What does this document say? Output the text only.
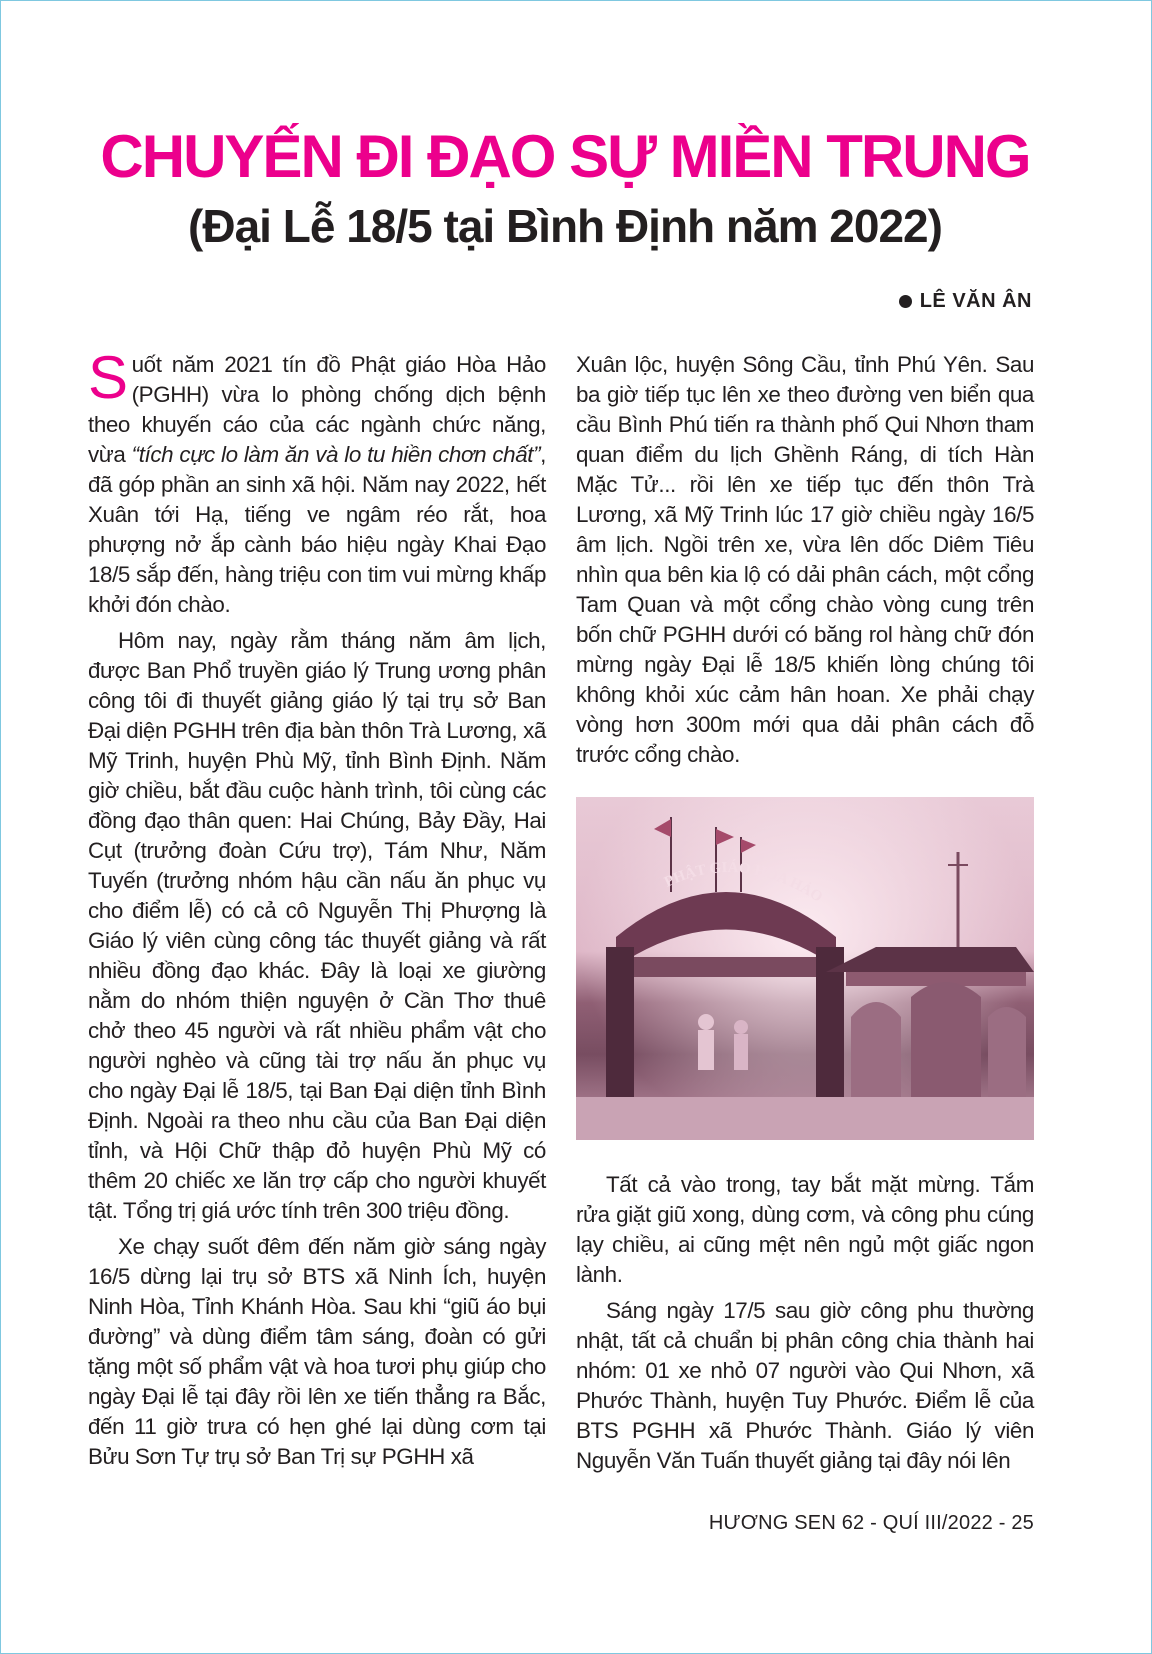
CHUYẾN ĐI ĐẠO SỰ MIỀN TRUNG
(Đại Lễ 18/5 tại Bình Định năm 2022)
LÊ VĂN ÂN

Suốt năm 2021 tín đồ Phật giáo Hòa Hảo (PGHH) vừa lo phòng chống dịch bệnh theo khuyến cáo của các ngành chức năng, vừa “tích cực lo làm ăn và lo tu hiền chơn chất”, đã góp phần an sinh xã hội. Năm nay 2022, hết Xuân tới Hạ, tiếng ve ngâm réo rắt, hoa phượng nở ắp cành báo hiệu ngày Khai Đạo 18/5 sắp đến, hàng triệu con tim vui mừng khấp khởi đón chào.

Hôm nay, ngày rằm tháng năm âm lịch, được Ban Phổ truyền giáo lý Trung ương phân công tôi đi thuyết giảng giáo lý tại trụ sở Ban Đại diện PGHH trên địa bàn thôn Trà Lương, xã Mỹ Trinh, huyện Phù Mỹ, tỉnh Bình Định. Năm giờ chiều, bắt đầu cuộc hành trình, tôi cùng các đồng đạo thân quen: Hai Chúng, Bảy Đầy, Hai Cụt (trưởng đoàn Cứu trợ), Tám Như, Năm Tuyến (trưởng nhóm hậu cần nấu ăn phục vụ cho điểm lễ) có cả cô Nguyễn Thị Phượng là Giáo lý viên cùng công tác thuyết giảng và rất nhiều đồng đạo khác. Đây là loại xe giường nằm do nhóm thiện nguyện ở Cần Thơ thuê chở theo 45 người và rất nhiều phẩm vật cho người nghèo và cũng tài trợ nấu ăn phục vụ cho ngày Đại lễ 18/5, tại Ban Đại diện tỉnh Bình Định. Ngoài ra theo nhu cầu của Ban Đại diện tỉnh, và Hội Chữ thập đỏ huyện Phù Mỹ có thêm 20 chiếc xe lăn trợ cấp cho người khuyết tật. Tổng trị giá ước tính trên 300 triệu đồng.

Xe chạy suốt đêm đến năm giờ sáng ngày 16/5 dừng lại trụ sở BTS xã Ninh Ích, huyện Ninh Hòa, Tỉnh Khánh Hòa. Sau khi “giũ áo bụi đường” và dùng điểm tâm sáng, đoàn có gửi tặng một số phẩm vật và hoa tươi phụ giúp cho ngày Đại lễ tại đây rồi lên xe tiến thẳng ra Bắc, đến 11 giờ trưa có hẹn ghé lại dùng cơm tại Bửu Sơn Tự trụ sở Ban Trị sự PGHH xã

Xuân lộc, huyện Sông Cầu, tỉnh Phú Yên. Sau ba giờ tiếp tục lên xe theo đường ven biển qua cầu Bình Phú tiến ra thành phố Qui Nhơn tham quan điểm du lịch Ghềnh Ráng, di tích Hàn Mặc Tử... rồi lên xe tiếp tục đến thôn Trà Lương, xã Mỹ Trinh lúc 17 giờ chiều ngày 16/5 âm lịch. Ngồi trên xe, vừa lên dốc Diêm Tiêu nhìn qua bên kia lộ có dải phân cách, một cổng Tam Quan và một cổng chào vòng cung trên bốn chữ PGHH dưới có băng rol hàng chữ đón mừng ngày Đại lễ 18/5 khiến lòng chúng tôi không khỏi xúc cảm hân hoan. Xe phải chạy vòng hơn 300m mới qua dải phân cách đỗ trước cổng chào.

PHẬT GIÁO HÒA HẢO

Tất cả vào trong, tay bắt mặt mừng. Tắm rửa giặt giũ xong, dùng cơm, và công phu cúng lạy chiều, ai cũng mệt nên ngủ một giấc ngon lành.

Sáng ngày 17/5 sau giờ công phu thường nhật, tất cả chuẩn bị phân công chia thành hai nhóm: 01 xe nhỏ 07 người vào Qui Nhơn, xã Phước Thành, huyện Tuy Phước. Điểm lễ của BTS PGHH xã Phước Thành. Giáo lý viên Nguyễn Văn Tuấn thuyết giảng tại đây nói lên

HƯƠNG SEN 62 - QUÍ III/2022 - 25
